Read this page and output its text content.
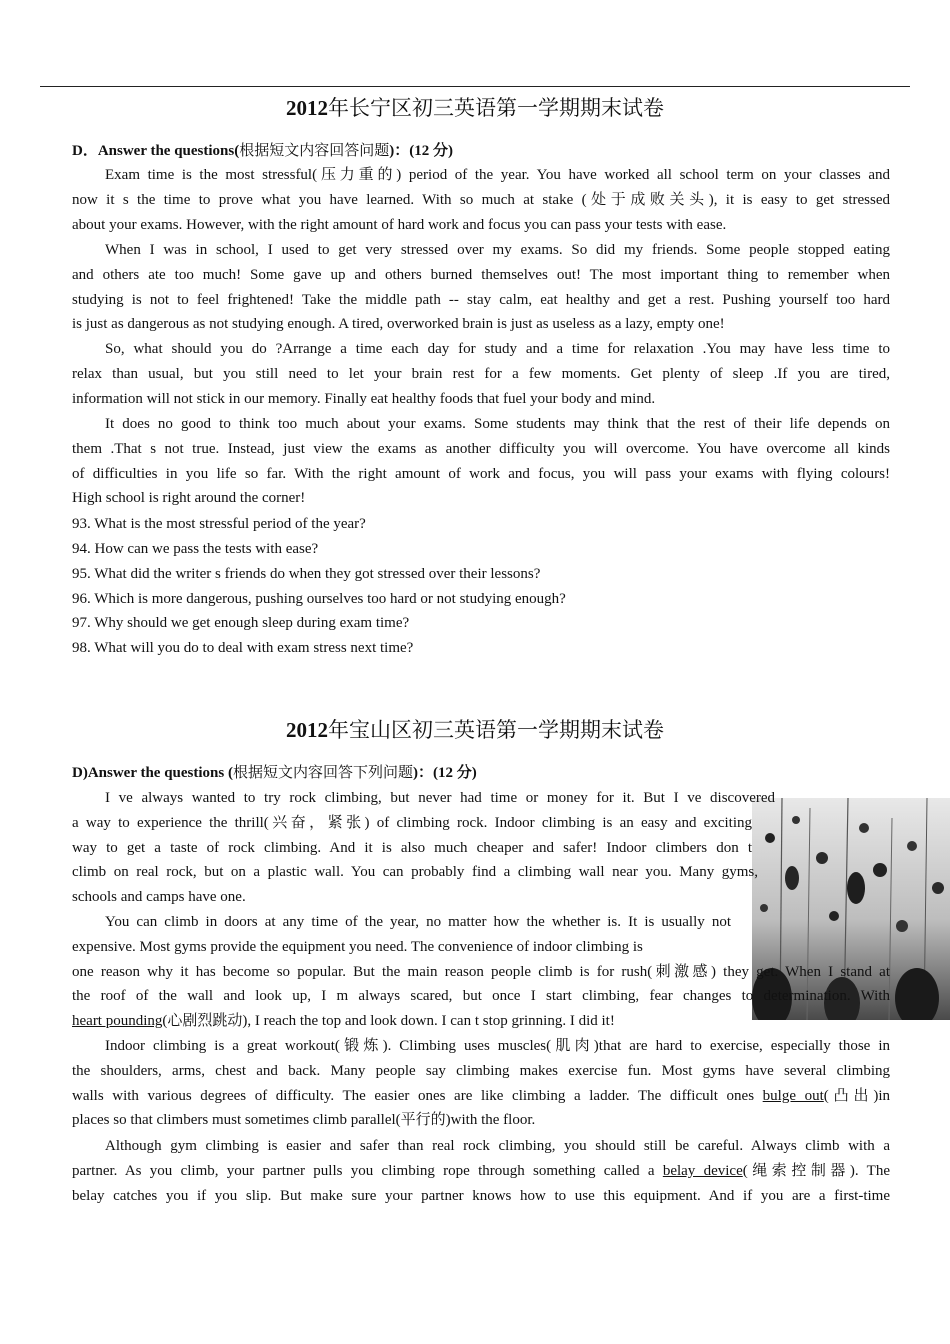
2012年长宁区初三英语第一学期期末试卷
D．Answer the questions(根据短文内容回答问题)：(12 分)
Exam time is the most stressful(压力重的) period of the year. You have worked all school term on your classes and
now it s the time to prove what you have learned. With so much at stake (处于成败关头), it is easy to get stressed
about your exams. However, with the right amount of hard work and focus you can pass your tests with ease.
When I was in school, I used to get very stressed over my exams. So did my friends. Some people stopped eating
and others ate too much! Some gave up and others burned themselves out! The most important thing to remember when
studying is not to feel frightened! Take the middle path -- stay calm, eat healthy and get a rest. Pushing yourself too hard
is just as dangerous as not studying enough. A tired, overworked brain is just as useless as a lazy, empty one!
So, what should you do ?Arrange a time each day for study and a time for relaxation .You may have less time to
relax than usual, but you still need to let your brain rest for a few moments. Get plenty of sleep .If you are tired,
information will not stick in our memory. Finally eat healthy foods that fuel your body and mind.
It does no good to think too much about your exams. Some students may think that the rest of their life depends on
them .That s not true. Instead, just view the exams as another difficulty you will overcome. You have overcome all kinds
of difficulties in you life so far. With the right amount of work and focus, you will pass your exams with flying colours!
High school is right around the corner!
93. What is the most stressful period of the year?
94. How can we pass the tests with ease?
95. What did the writer s friends do when they got stressed over their lessons?
96. Which is more dangerous, pushing ourselves too hard or not studying enough?
97. Why should we get enough sleep during exam time?
98. What will you do to deal with exam stress next time?
2012年宝山区初三英语第一学期期末试卷
D)Answer the questions (根据短文内容回答下列问题)：(12 分)
I ve always wanted to try rock climbing, but never had time or money for it. But I ve discovered
a way to experience the thrill(兴奋，紧张) of climbing rock. Indoor climbing is an easy and exciting
way to get a taste of rock climbing. And it is also much cheaper and safer! Indoor climbers don t
climb on real rock, but on a plastic wall. You can probably find a climbing wall near you. Many gyms,
schools and camps have one.
You can climb in doors at any time of the year, no matter how the whether is. It is usually not
expensive. Most gyms provide the equipment you need. The convenience of indoor climbing is
one reason why it has become so popular. But the main reason people climb is for rush(刺激感) they get. When I stand at
the roof of the wall and look up, I m always scared, but once I start climbing, fear changes to determination. With
heart pounding(心剧烈跳动), I reach the top and look down. I can t stop grinning. I did it!
Indoor climbing is a great workout(锻炼). Climbing uses muscles(肌肉)that are hard to exercise, especially those in
the shoulders, arms, chest and back. Many people say climbing makes exercise fun. Most gyms have several climbing
walls with various degrees of difficulty. The easier ones are like climbing a ladder. The difficult ones bulge out(凸出)in
places so that climbers must sometimes climb parallel(平行的)with the floor.
Although gym climbing is easier and safer than real rock climbing, you should still be careful. Always climb with a
partner. As you climb, your partner pulls you climbing rope through something called a belay device(绳索控制器). The
belay catches you if you slip. But make sure your partner knows how to use this equipment. And if you are a first-time
